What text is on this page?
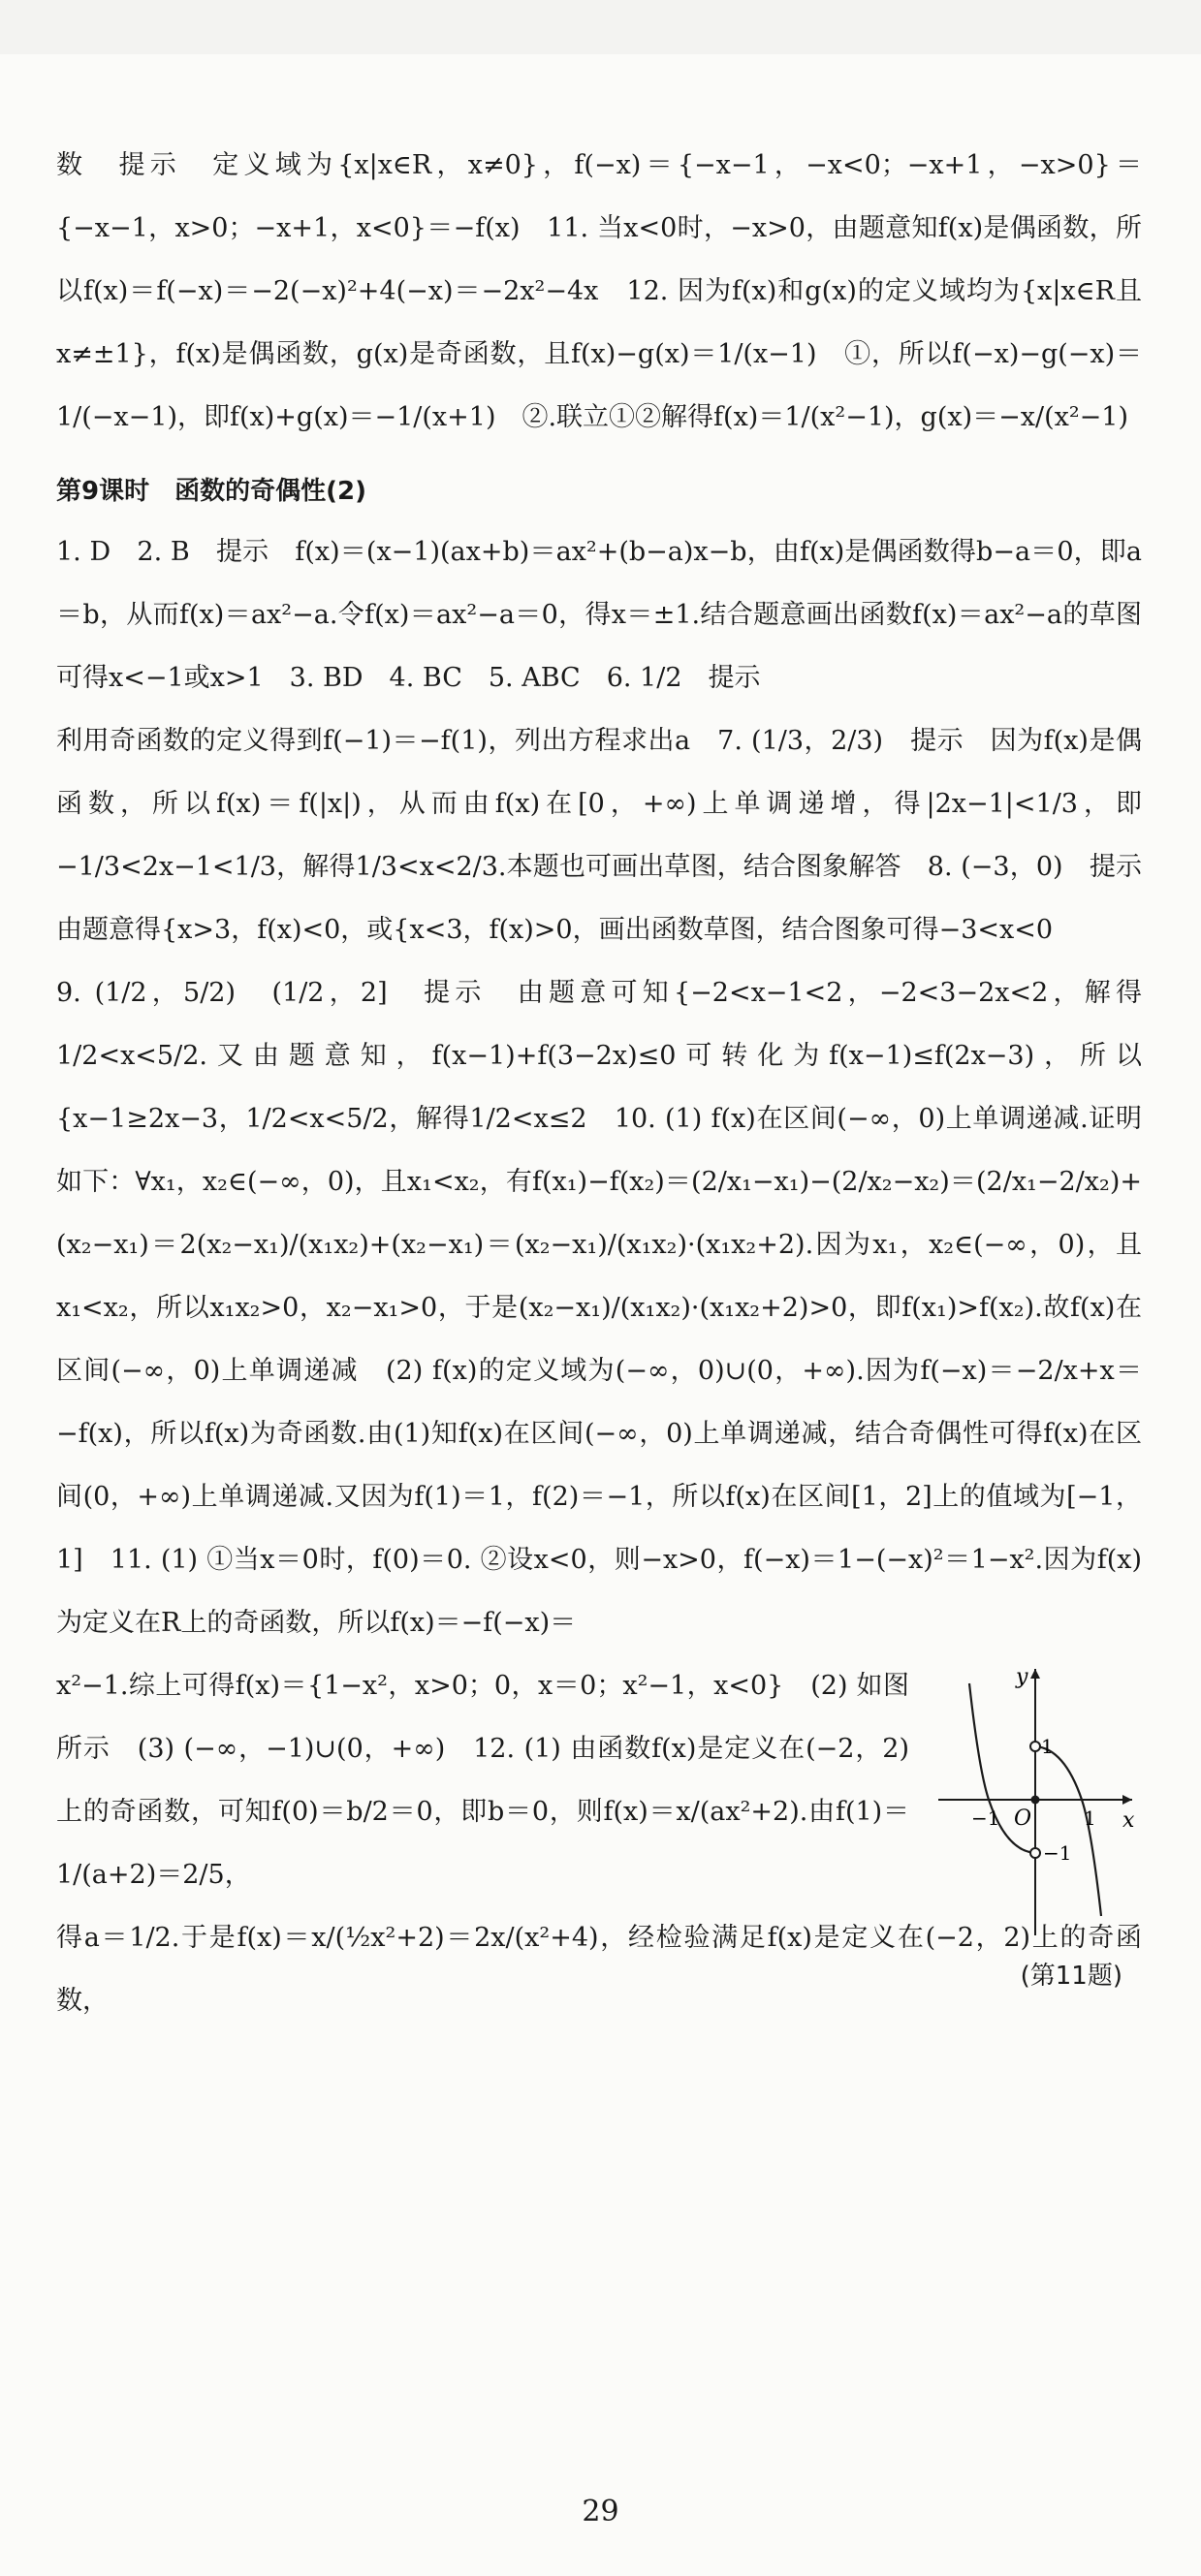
数　提示　定义域为{x|x∈R，x≠0}，f(−x)＝{−x−1，−x<0；−x+1，−x>0}＝{−x−1，x>0；−x+1，x<0}＝−f(x)　11. 当x<0时，−x>0，由题意知f(x)是偶函数，所以f(x)＝f(−x)＝−2(−x)²+4(−x)＝−2x²−4x　12. 因为f(x)和g(x)的定义域均为{x|x∈R且x≠±1}，f(x)是偶函数，g(x)是奇函数，且f(x)−g(x)＝1/(x−1)　①，所以f(−x)−g(−x)＝1/(−x−1)，即f(x)+g(x)＝−1/(x+1)　②.联立①②解得f(x)＝1/(x²−1)，g(x)＝−x/(x²−1)

第9课时　函数的奇偶性(2)

1. D　2. B　提示　f(x)＝(x−1)(ax+b)＝ax²+(b−a)x−b，由f(x)是偶函数得b−a＝0，即a＝b，从而f(x)＝ax²−a.令f(x)＝ax²−a＝0，得x＝±1.结合题意画出函数f(x)＝ax²−a的草图可得x<−1或x>1　3. BD　4. BC　5. ABC　6. 1/2　提示

利用奇函数的定义得到f(−1)＝−f(1)，列出方程求出a　7. (1/3，2/3)　提示　因为f(x)是偶函数，所以f(x)＝f(|x|)，从而由f(x)在[0，+∞)上单调递增，得|2x−1|<1/3，即−1/3<2x−1<1/3，解得1/3<x<2/3.本题也可画出草图，结合图象解答　8. (−3，0)　提示　由题意得{x>3，f(x)<0，或{x<3，f(x)>0，画出函数草图，结合图象可得−3<x<0

9. (1/2，5/2)　(1/2，2]　提示　由题意可知{−2<x−1<2，−2<3−2x<2，解得1/2<x<5/2.又由题意知，f(x−1)+f(3−2x)≤0可转化为f(x−1)≤f(2x−3)，所以{x−1≥2x−3，1/2<x<5/2，解得1/2<x≤2　10. (1) f(x)在区间(−∞，0)上单调递减.证明如下：∀x₁，x₂∈(−∞，0)，且x₁<x₂，有f(x₁)−f(x₂)＝(2/x₁−x₁)−(2/x₂−x₂)＝(2/x₁−2/x₂)+(x₂−x₁)＝2(x₂−x₁)/(x₁x₂)+(x₂−x₁)＝(x₂−x₁)/(x₁x₂)·(x₁x₂+2).因为x₁，x₂∈(−∞，0)，且x₁<x₂，所以x₁x₂>0，x₂−x₁>0，于是(x₂−x₁)/(x₁x₂)·(x₁x₂+2)>0，即f(x₁)>f(x₂).故f(x)在区间(−∞，0)上单调递减　(2) f(x)的定义域为(−∞，0)∪(0，+∞).因为f(−x)＝−2/x+x＝−f(x)，所以f(x)为奇函数.由(1)知f(x)在区间(−∞，0)上单调递减，结合奇偶性可得f(x)在区间(0，+∞)上单调递减.又因为f(1)＝1，f(2)＝−1，所以f(x)在区间[1，2]上的值域为[−1，1]　11. (1) ①当x＝0时，f(0)＝0. ②设x<0，则−x>0，f(−x)＝1−(−x)²＝1−x².因为f(x)为定义在R上的奇函数，所以f(x)＝−f(−x)＝

x²−1.综上可得f(x)＝{1−x²，x>0；0，x＝0；x²−1，x<0}　(2) 如图所示　(3) (−∞，−1)∪(0，+∞)　12. (1) 由函数f(x)是定义在(−2，2)上的奇函数，可知f(0)＝b/2＝0，即b＝0，则f(x)＝x/(ax²+2).由f(1)＝1/(a+2)＝2/5，

y
x
O
1
−1	1
−1
(第11题)

得a＝1/2.于是f(x)＝x/(½x²+2)＝2x/(x²+4)，经检验满足f(x)是定义在(−2，2)上的奇函数，

29
